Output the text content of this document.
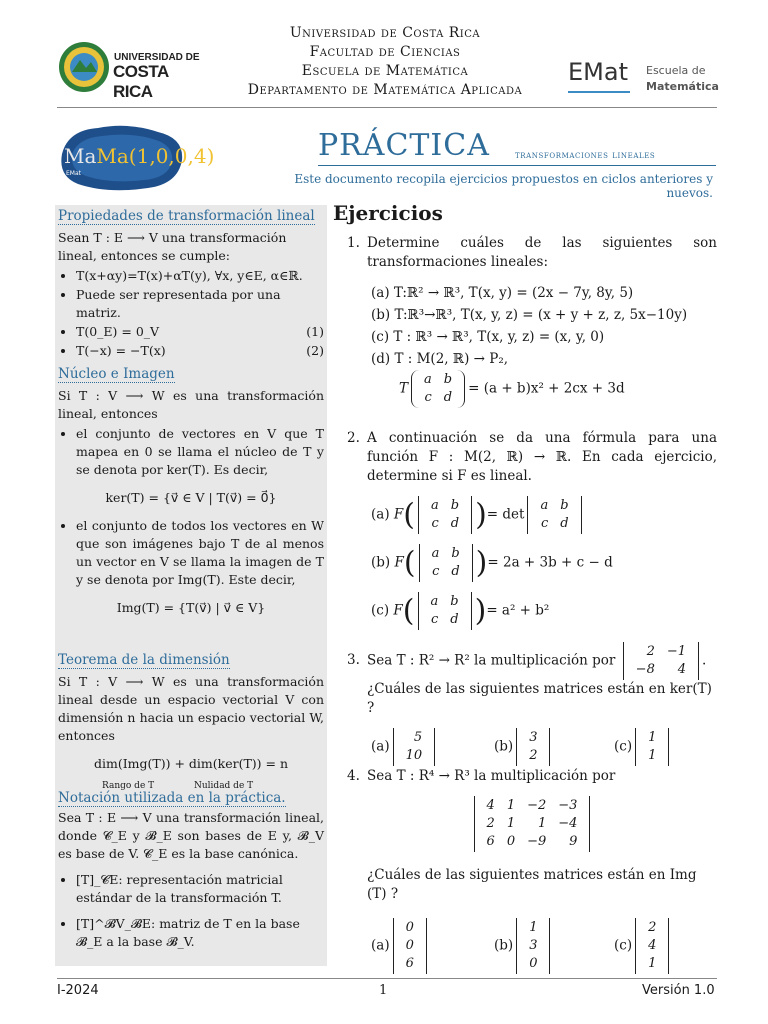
UNIVERSIDAD DE
COSTA RICA
Universidad de Costa Rica
Facultad de Ciencias
Escuela de Matemática
Departamento de Matemática Aplicada
EMat Escuela de
Matemática
MaMa(1,0,0,4)
EMat
PRÁCTICA	transformaciones lineales
Este documento recopila ejercicios propuestos en ciclos anteriores y nuevos.
Propiedades de transformación lineal
Sean T : E ⟶ V una transformación lineal, entonces se cumple:
• T(x+αy)=T(x)+αT(y), ∀x, y∈E, α∈ℝ.
• Puede ser representada por una matriz.
• T(0_E) = 0_V	(1)
• T(−x) = −T(x)	(2)
Núcleo e Imagen
Si T : V ⟶ W es una transformación lineal, entonces
• el conjunto de vectores en V que T mapea en 0 se llama el núcleo de T y se denota por ker(T). Es decir,
ker(T) = {v⃗ ∈ V | T(v⃗) = 0⃗}
• el conjunto de todos los vectores en W que son imágenes bajo T de al menos un vector en V se llama la imagen de T y se denota por Img(T). Este decir,
Img(T) = {T(v⃗) | v⃗ ∈ V}
Teorema de la dimensión
Si T : V ⟶ W es una transformación lineal desde un espacio vectorial V con dimensión n hacia un espacio vectorial W, entonces
dim(Img(T)) + dim(ker(T)) = n
Rango de T	Nulidad de T
Notación utilizada en la práctica.
Sea T : E ⟶ V una transformación lineal, donde 𝓒_E y 𝓑_E son bases de E y, 𝓑_V es base de V. 𝓒_E es la base canónica.
• [T]_𝓒E: representación matricial estándar de la transformación T.
• [T]^𝓑V_𝓑E: matriz de T en la base 𝓑_E a la base 𝓑_V.
Ejercicios
1. Determine cuáles de las siguientes son transformaciones lineales:
(a) T:ℝ² → ℝ³, T(x, y) = (2x − 7y, 8y, 5)
(b) T:ℝ³→ℝ³, T(x, y, z) = (x + y + z, z, 5x−10y)
(c) T : ℝ³ → ℝ³, T(x, y, z) = (x, y, 0)
(d) T : M(2, ℝ) → P₂,
T
a	b
c	d
= (a + b)x² + 2cx + 3d
2. A continuación se da una fórmula para una función F : M(2, ℝ) → ℝ. En cada ejercicio, determine si F es lineal.
(a) F( a	b
c	d )= det
a	b
c	d
(b) F( a	b
c	d )= 2a + 3b + c − d
(c) F( a	b
c	d )= a² + b²
3. Sea T : R² → R² la multiplicación por
2	−1
−8	4
.
¿Cuáles de las siguientes matrices están en ker(T) ?
(a)
5
10
(b)
3
2
(c)
1
1
4. Sea T : R⁴ → R³ la multiplicación por
4	1	−2	−3
2	1	1	−4
6	0	−9	9
¿Cuáles de las siguientes matrices están en Img (T) ?
(a)
0
0
6
(b)
1
3
0
(c)
2
4
1
I-2024	1	Versión 1.0
